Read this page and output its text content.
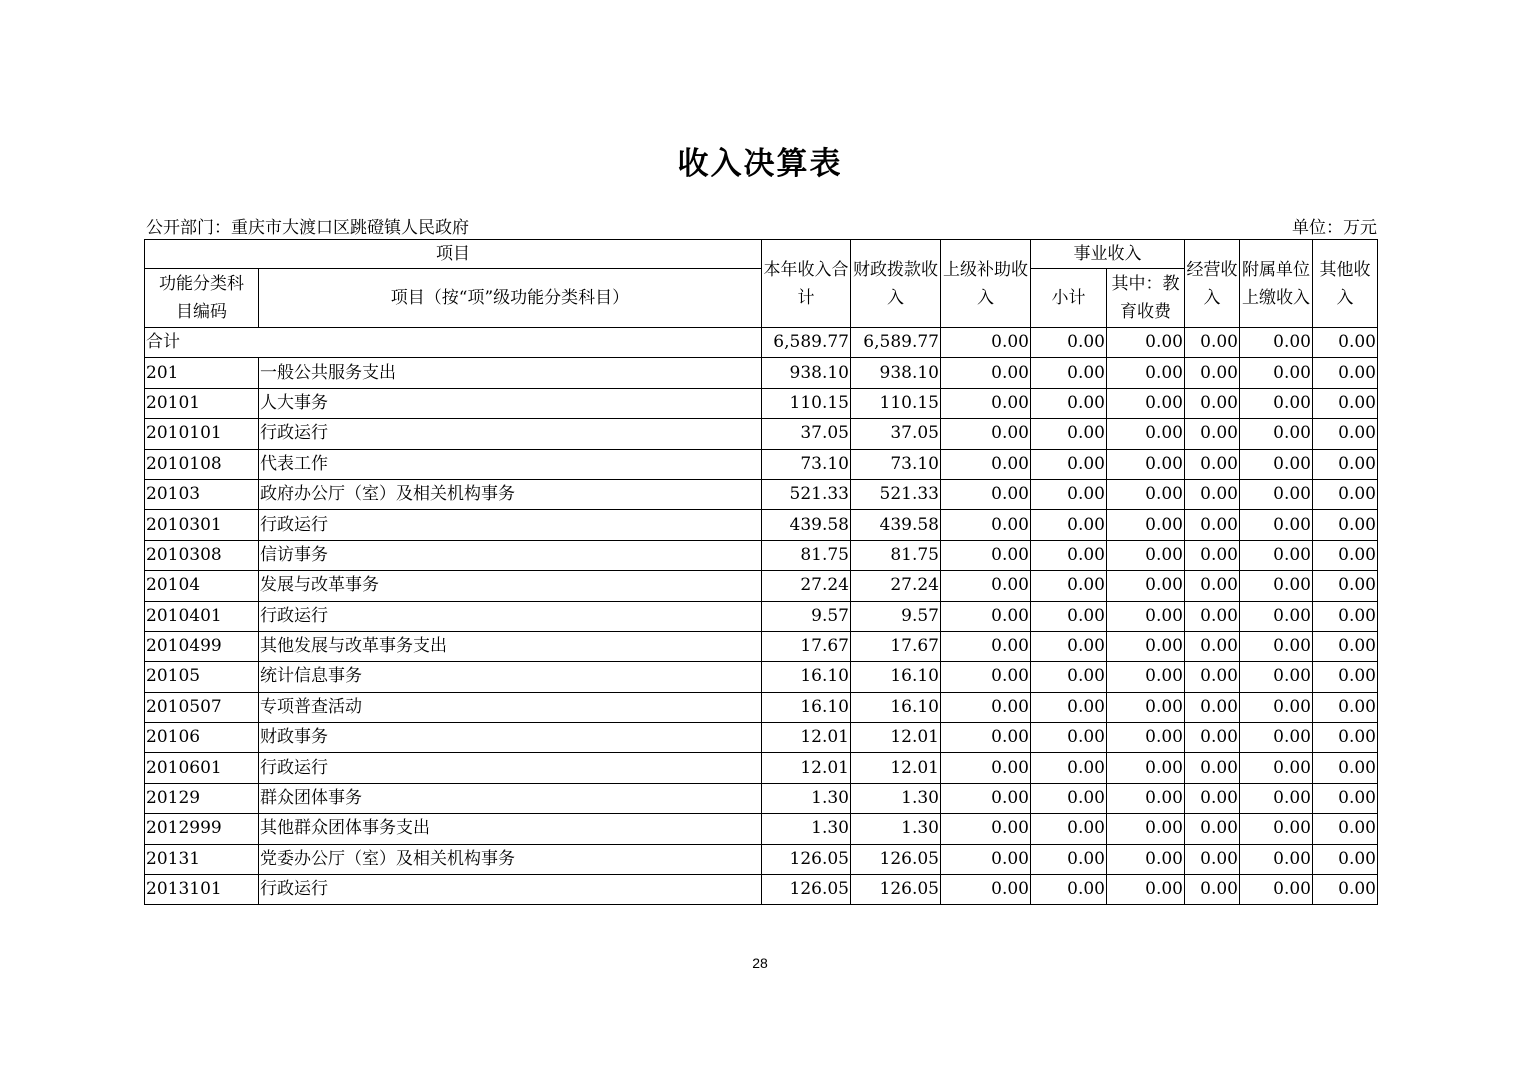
收入决算表
公开部门：重庆市大渡口区跳磴镇人民政府	单位：万元
项目		本年收入合计	财政拨款收入	上级补助收入	事业收入		经营收入	附属单位上缴收入	其他收入
功能分类科目编码	项目（按“项”级功能分类科目）				小计	其中：教育收费			
合计		6,589.77	6,589.77	0.00	0.00	0.00	0.00	0.00	0.00
201	一般公共服务支出	938.10	938.10	0.00	0.00	0.00	0.00	0.00	0.00
20101	人大事务	110.15	110.15	0.00	0.00	0.00	0.00	0.00	0.00
2010101	行政运行	37.05	37.05	0.00	0.00	0.00	0.00	0.00	0.00
2010108	代表工作	73.10	73.10	0.00	0.00	0.00	0.00	0.00	0.00
20103	政府办公厅（室）及相关机构事务	521.33	521.33	0.00	0.00	0.00	0.00	0.00	0.00
2010301	行政运行	439.58	439.58	0.00	0.00	0.00	0.00	0.00	0.00
2010308	信访事务	81.75	81.75	0.00	0.00	0.00	0.00	0.00	0.00
20104	发展与改革事务	27.24	27.24	0.00	0.00	0.00	0.00	0.00	0.00
2010401	行政运行	9.57	9.57	0.00	0.00	0.00	0.00	0.00	0.00
2010499	其他发展与改革事务支出	17.67	17.67	0.00	0.00	0.00	0.00	0.00	0.00
20105	统计信息事务	16.10	16.10	0.00	0.00	0.00	0.00	0.00	0.00
2010507	专项普查活动	16.10	16.10	0.00	0.00	0.00	0.00	0.00	0.00
20106	财政事务	12.01	12.01	0.00	0.00	0.00	0.00	0.00	0.00
2010601	行政运行	12.01	12.01	0.00	0.00	0.00	0.00	0.00	0.00
20129	群众团体事务	1.30	1.30	0.00	0.00	0.00	0.00	0.00	0.00
2012999	其他群众团体事务支出	1.30	1.30	0.00	0.00	0.00	0.00	0.00	0.00
20131	党委办公厅（室）及相关机构事务	126.05	126.05	0.00	0.00	0.00	0.00	0.00	0.00
2013101	行政运行	126.05	126.05	0.00	0.00	0.00	0.00	0.00	0.00
28
